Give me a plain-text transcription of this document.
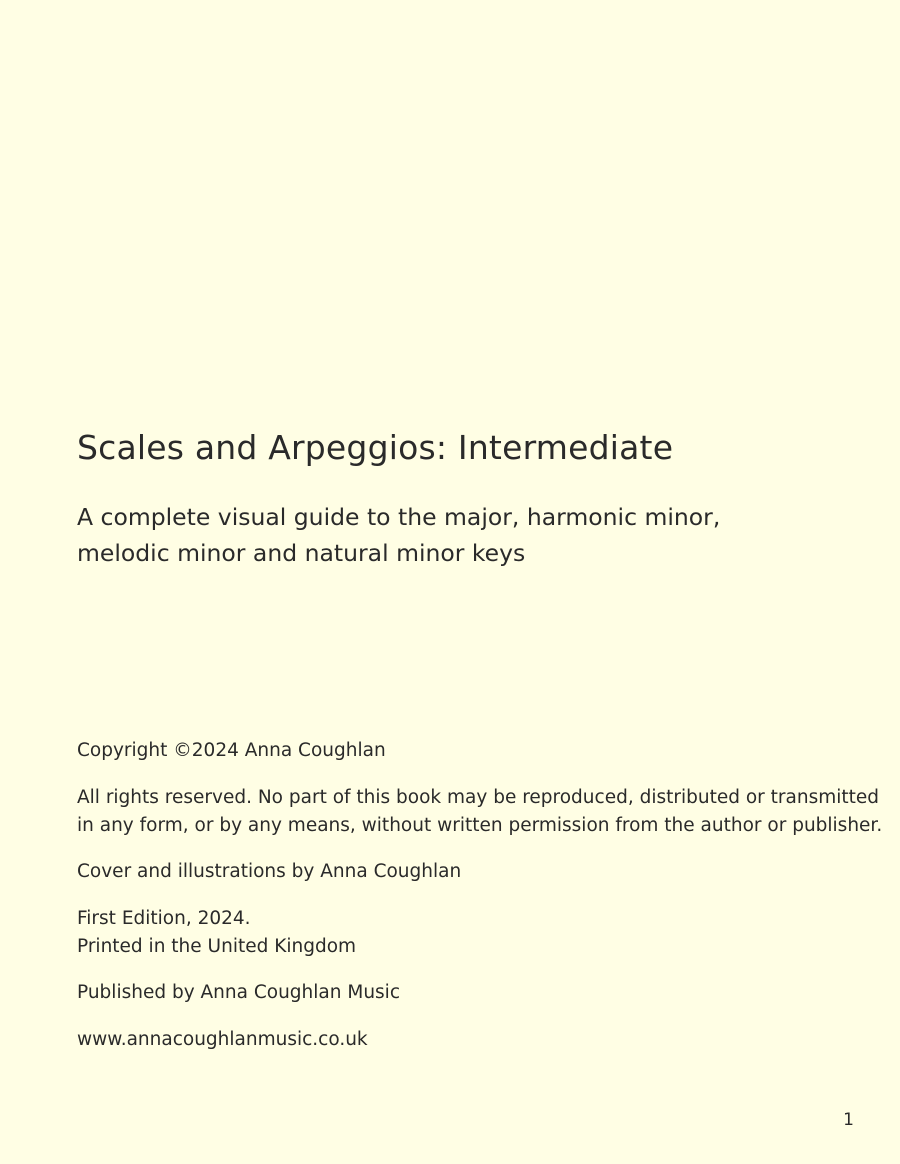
Scales and Arpeggios: Intermediate

A complete visual guide to the major, harmonic minor,
melodic minor and natural minor keys

Copyright ©2024 Anna Coughlan

All rights reserved. No part of this book may be reproduced, distributed or transmitted
in any form, or by any means, without written permission from the author or publisher.

Cover and illustrations by Anna Coughlan

First Edition, 2024.
Printed in the United Kingdom

Published by Anna Coughlan Music

www.annacoughlanmusic.co.uk

1
